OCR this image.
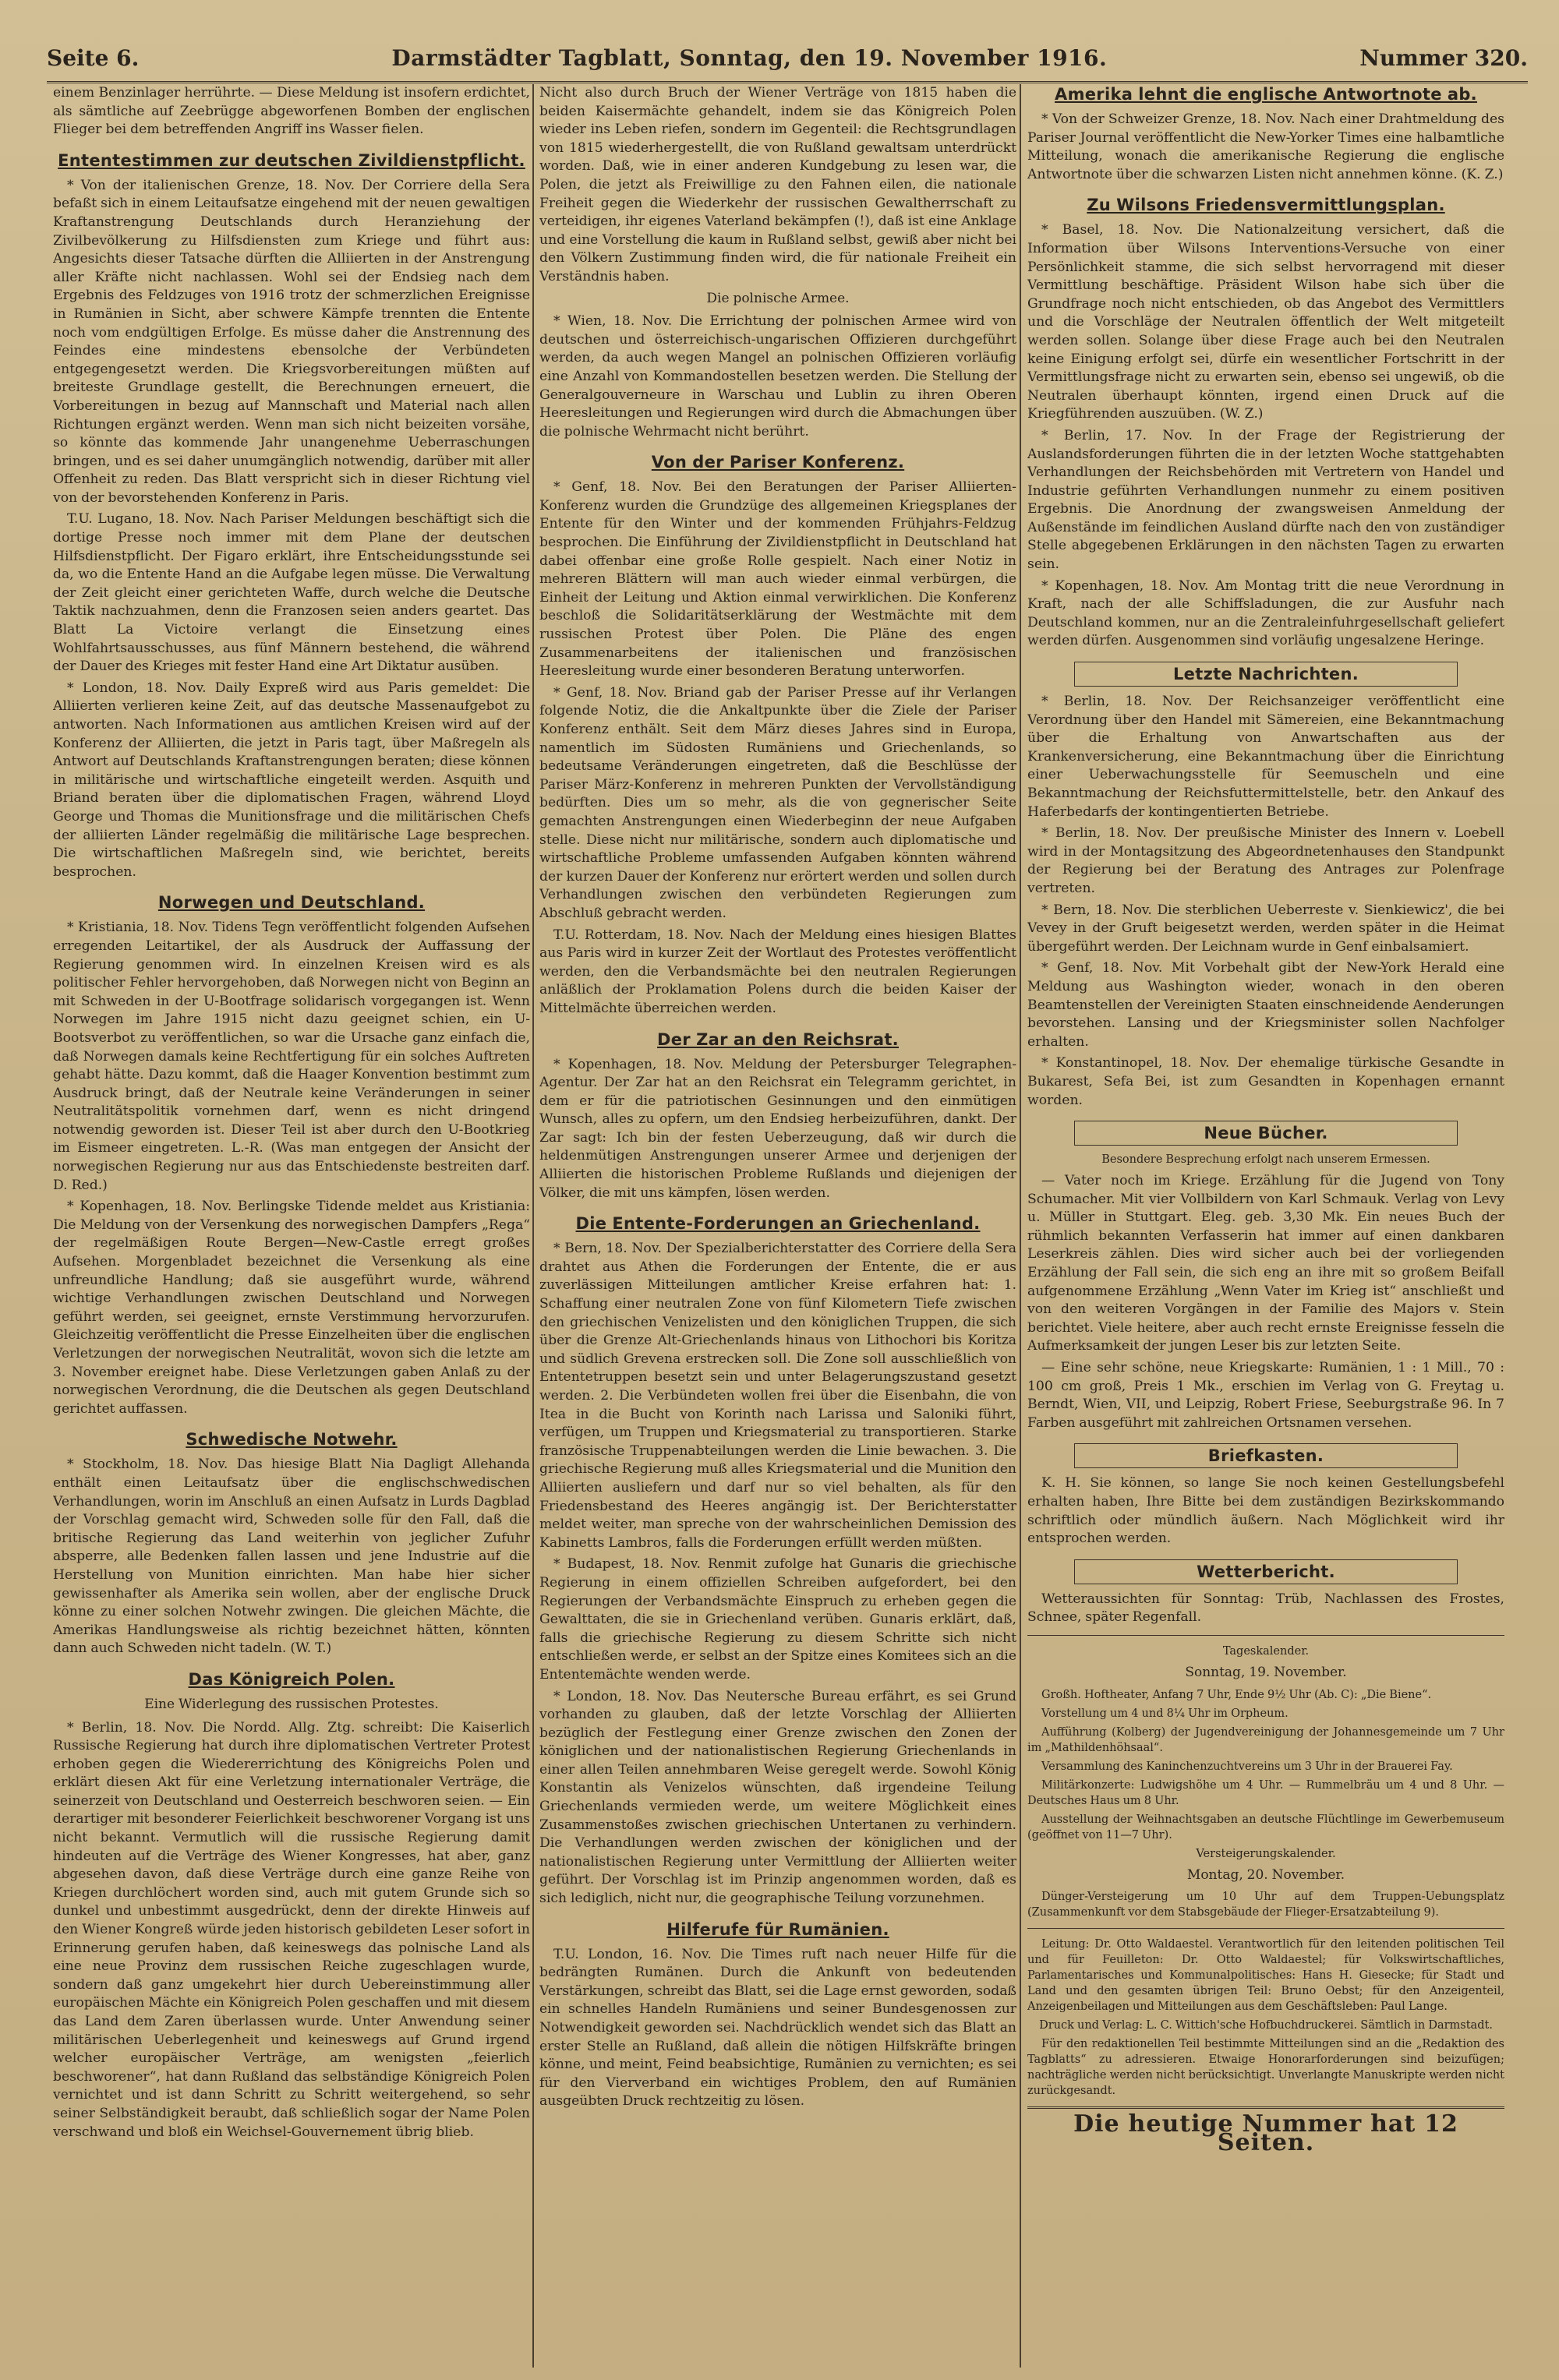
Seite 6.	Darmstädter Tagblatt, Sonntag, den 19. November 1916.	Nummer 320.

einem Benzinlager herrührte. — Diese Meldung ist insofern erdichtet, als sämtliche auf Zeebrügge abgeworfenen Bomben der englischen Flieger bei dem betreffenden Angriff ins Wasser fielen.

Ententestimmen zur deutschen Zivildienstpflicht.

* Von der italienischen Grenze, 18. Nov. Der Corriere della Sera befaßt sich in einem Leitaufsatze eingehend mit der neuen gewaltigen Kraftanstrengung Deutschlands durch Heranziehung der Zivilbevölkerung zu Hilfsdiensten zum Kriege und führt aus: Angesichts dieser Tatsache dürften die Alliierten in der Anstrengung aller Kräfte nicht nachlassen. Wohl sei der Endsieg nach dem Ergebnis des Feldzuges von 1916 trotz der schmerzlichen Ereignisse in Rumänien in Sicht, aber schwere Kämpfe trennten die Entente noch vom endgültigen Erfolge. Es müsse daher die Anstrennung des Feindes eine mindestens ebensolche der Verbündeten entgegengesetzt werden. Die Kriegsvorbereitungen müßten auf breiteste Grundlage gestellt, die Berechnungen erneuert, die Vorbereitungen in bezug auf Mannschaft und Material nach allen Richtungen ergänzt werden. Wenn man sich nicht beizeiten vorsähe, so könnte das kommende Jahr unangenehme Ueberraschungen bringen, und es sei daher unumgänglich notwendig, darüber mit aller Offenheit zu reden. Das Blatt verspricht sich in dieser Richtung viel von der bevorstehenden Konferenz in Paris.

T.U. Lugano, 18. Nov. Nach Pariser Meldungen beschäftigt sich die dortige Presse noch immer mit dem Plane der deutschen Hilfsdienstpflicht. Der Figaro erklärt, ihre Entscheidungsstunde sei da, wo die Entente Hand an die Aufgabe legen müsse. Die Verwaltung der Zeit gleicht einer gerichteten Waffe, durch welche die Deutsche Taktik nachzuahmen, denn die Franzosen seien anders geartet. Das Blatt La Victoire verlangt die Einsetzung eines Wohlfahrtsausschusses, aus fünf Männern bestehend, die während der Dauer des Krieges mit fester Hand eine Art Diktatur ausüben.

* London, 18. Nov. Daily Expreß wird aus Paris gemeldet: Die Alliierten verlieren keine Zeit, auf das deutsche Massenaufgebot zu antworten. Nach Informationen aus amtlichen Kreisen wird auf der Konferenz der Alliierten, die jetzt in Paris tagt, über Maßregeln als Antwort auf Deutschlands Kraftanstrengungen beraten; diese können in militärische und wirtschaftliche eingeteilt werden. Asquith und Briand beraten über die diplomatischen Fragen, während Lloyd George und Thomas die Munitionsfrage und die militärischen Chefs der alliierten Länder regelmäßig die militärische Lage besprechen. Die wirtschaftlichen Maßregeln sind, wie berichtet, bereits besprochen.

Norwegen und Deutschland.

* Kristiania, 18. Nov. Tidens Tegn veröffentlicht folgenden Aufsehen erregenden Leitartikel, der als Ausdruck der Auffassung der Regierung genommen wird. In einzelnen Kreisen wird es als politischer Fehler hervorgehoben, daß Norwegen nicht von Beginn an mit Schweden in der U-Bootfrage solidarisch vorgegangen ist. Wenn Norwegen im Jahre 1915 nicht dazu geeignet schien, ein U-Bootsverbot zu veröffentlichen, so war die Ursache ganz einfach die, daß Norwegen damals keine Rechtfertigung für ein solches Auftreten gehabt hätte. Dazu kommt, daß die Haager Konvention bestimmt zum Ausdruck bringt, daß der Neutrale keine Veränderungen in seiner Neutralitätspolitik vornehmen darf, wenn es nicht dringend notwendig geworden ist. Dieser Teil ist aber durch den U-Bootkrieg im Eismeer eingetreten. L.-R. (Was man entgegen der Ansicht der norwegischen Regierung nur aus das Entschiedenste bestreiten darf. D. Red.)

* Kopenhagen, 18. Nov. Berlingske Tidende meldet aus Kristiania: Die Meldung von der Versenkung des norwegischen Dampfers „Rega“ der regelmäßigen Route Bergen—New-Castle erregt großes Aufsehen. Morgenbladet bezeichnet die Versenkung als eine unfreundliche Handlung; daß sie ausgeführt wurde, während wichtige Verhandlungen zwischen Deutschland und Norwegen geführt werden, sei geeignet, ernste Verstimmung hervorzurufen. Gleichzeitig veröffentlicht die Presse Einzelheiten über die englischen Verletzungen der norwegischen Neutralität, wovon sich die letzte am 3. November ereignet habe. Diese Verletzungen gaben Anlaß zu der norwegischen Verordnung, die die Deutschen als gegen Deutschland gerichtet auffassen.

Schwedische Notwehr.

* Stockholm, 18. Nov. Das hiesige Blatt Nia Dagligt Allehanda enthält einen Leitaufsatz über die englischschwedischen Verhandlungen, worin im Anschluß an einen Aufsatz in Lurds Dagblad der Vorschlag gemacht wird, Schweden solle für den Fall, daß die britische Regierung das Land weiterhin von jeglicher Zufuhr absperre, alle Bedenken fallen lassen und jene Industrie auf die Herstellung von Munition einrichten. Man habe hier sicher gewissenhafter als Amerika sein wollen, aber der englische Druck könne zu einer solchen Notwehr zwingen. Die gleichen Mächte, die Amerikas Handlungsweise als richtig bezeichnet hätten, könnten dann auch Schweden nicht tadeln. (W. T.)

Das Königreich Polen.
Eine Widerlegung des russischen Protestes.

* Berlin, 18. Nov. Die Nordd. Allg. Ztg. schreibt: Die Kaiserlich Russische Regierung hat durch ihre diplomatischen Vertreter Protest erhoben gegen die Wiedererrichtung des Königreichs Polen und erklärt diesen Akt für eine Verletzung internationaler Verträge, die seinerzeit von Deutschland und Oesterreich beschworen seien. — Ein derartiger mit besonderer Feierlichkeit beschworener Vorgang ist uns nicht bekannt. Vermutlich will die russische Regierung damit hindeuten auf die Verträge des Wiener Kongresses, hat aber, ganz abgesehen davon, daß diese Verträge durch eine ganze Reihe von Kriegen durchlöchert worden sind, auch mit gutem Grunde sich so dunkel und unbestimmt ausgedrückt, denn der direkte Hinweis auf den Wiener Kongreß würde jeden historisch gebildeten Leser sofort in Erinnerung gerufen haben, daß keineswegs das polnische Land als eine neue Provinz dem russischen Reiche zugeschlagen wurde, sondern daß ganz umgekehrt hier durch Uebereinstimmung aller europäischen Mächte ein Königreich Polen geschaffen und mit diesem das Land dem Zaren überlassen wurde. Unter Anwendung seiner militärischen Ueberlegenheit und keineswegs auf Grund irgend welcher europäischer Verträge, am wenigsten „feierlich beschworener“, hat dann Rußland das selbständige Königreich Polen vernichtet und ist dann Schritt zu Schritt weitergehend, so sehr seiner Selbständigkeit beraubt, daß schließlich sogar der Name Polen verschwand und bloß ein Weichsel-Gouvernement übrig blieb.

Nicht also durch Bruch der Wiener Verträge von 1815 haben die beiden Kaisermächte gehandelt, indem sie das Königreich Polen wieder ins Leben riefen, sondern im Gegenteil: die Rechtsgrundlagen von 1815 wiederhergestellt, die von Rußland gewaltsam unterdrückt worden. Daß, wie in einer anderen Kundgebung zu lesen war, die Polen, die jetzt als Freiwillige zu den Fahnen eilen, die nationale Freiheit gegen die Wiederkehr der russischen Gewaltherrschaft zu verteidigen, ihr eigenes Vaterland bekämpfen (!), daß ist eine Anklage und eine Vorstellung die kaum in Rußland selbst, gewiß aber nicht bei den Völkern Zustimmung finden wird, die für nationale Freiheit ein Verständnis haben.

Die polnische Armee.

* Wien, 18. Nov. Die Errichtung der polnischen Armee wird von deutschen und österreichisch-ungarischen Offizieren durchgeführt werden, da auch wegen Mangel an polnischen Offizieren vorläufig eine Anzahl von Kommandostellen besetzen werden. Die Stellung der Generalgouverneure in Warschau und Lublin zu ihren Oberen Heeresleitungen und Regierungen wird durch die Abmachungen über die polnische Wehrmacht nicht berührt.

Von der Pariser Konferenz.

* Genf, 18. Nov. Bei den Beratungen der Pariser Alliierten-Konferenz wurden die Grundzüge des allgemeinen Kriegsplanes der Entente für den Winter und der kommenden Frühjahrs-Feldzug besprochen. Die Einführung der Zivildienstpflicht in Deutschland hat dabei offenbar eine große Rolle gespielt. Nach einer Notiz in mehreren Blättern will man auch wieder einmal verbürgen, die Einheit der Leitung und Aktion einmal verwirklichen. Die Konferenz beschloß die Solidaritätserklärung der Westmächte mit dem russischen Protest über Polen. Die Pläne des engen Zusammenarbeitens der italienischen und französischen Heeresleitung wurde einer besonderen Beratung unterworfen.

* Genf, 18. Nov. Briand gab der Pariser Presse auf ihr Verlangen folgende Notiz, die die Ankaltpunkte über die Ziele der Pariser Konferenz enthält. Seit dem März dieses Jahres sind in Europa, namentlich im Südosten Rumäniens und Griechenlands, so bedeutsame Veränderungen eingetreten, daß die Beschlüsse der Pariser März-Konferenz in mehreren Punkten der Vervollständigung bedürften. Dies um so mehr, als die von gegnerischer Seite gemachten Anstrengungen einen Wiederbeginn der neue Aufgaben stelle. Diese nicht nur militärische, sondern auch diplomatische und wirtschaftliche Probleme umfassenden Aufgaben könnten während der kurzen Dauer der Konferenz nur erörtert werden und sollen durch Verhandlungen zwischen den verbündeten Regierungen zum Abschluß gebracht werden.

T.U. Rotterdam, 18. Nov. Nach der Meldung eines hiesigen Blattes aus Paris wird in kurzer Zeit der Wortlaut des Protestes veröffentlicht werden, den die Verbandsmächte bei den neutralen Regierungen anläßlich der Proklamation Polens durch die beiden Kaiser der Mittelmächte überreichen werden.

Der Zar an den Reichsrat.

* Kopenhagen, 18. Nov. Meldung der Petersburger Telegraphen-Agentur. Der Zar hat an den Reichsrat ein Telegramm gerichtet, in dem er für die patriotischen Gesinnungen und den einmütigen Wunsch, alles zu opfern, um den Endsieg herbeizuführen, dankt. Der Zar sagt: Ich bin der festen Ueberzeugung, daß wir durch die heldenmütigen Anstrengungen unserer Armee und derjenigen der Alliierten die historischen Probleme Rußlands und diejenigen der Völker, die mit uns kämpfen, lösen werden.

Die Entente-Forderungen an Griechenland.

* Bern, 18. Nov. Der Spezialberichterstatter des Corriere della Sera drahtet aus Athen die Forderungen der Entente, die er aus zuverlässigen Mitteilungen amtlicher Kreise erfahren hat: 1. Schaffung einer neutralen Zone von fünf Kilometern Tiefe zwischen den griechischen Venizelisten und den königlichen Truppen, die sich über die Grenze Alt-Griechenlands hinaus von Lithochori bis Koritza und südlich Grevena erstrecken soll. Die Zone soll ausschließlich von Ententetruppen besetzt sein und unter Belagerungszustand gesetzt werden. 2. Die Verbündeten wollen frei über die Eisenbahn, die von Itea in die Bucht von Korinth nach Larissa und Saloniki führt, verfügen, um Truppen und Kriegsmaterial zu transportieren. Starke französische Truppenabteilungen werden die Linie bewachen. 3. Die griechische Regierung muß alles Kriegsmaterial und die Munition den Alliierten ausliefern und darf nur so viel behalten, als für den Friedensbestand des Heeres angängig ist. Der Berichterstatter meldet weiter, man spreche von der wahrscheinlichen Demission des Kabinetts Lambros, falls die Forderungen erfüllt werden müßten.

* Budapest, 18. Nov. Renmit zufolge hat Gunaris die griechische Regierung in einem offiziellen Schreiben aufgefordert, bei den Regierungen der Verbandsmächte Einspruch zu erheben gegen die Gewalttaten, die sie in Griechenland verüben. Gunaris erklärt, daß, falls die griechische Regierung zu diesem Schritte sich nicht entschließen werde, er selbst an der Spitze eines Komitees sich an die Ententemächte wenden werde.

* London, 18. Nov. Das Neutersche Bureau erfährt, es sei Grund vorhanden zu glauben, daß der letzte Vorschlag der Alliierten bezüglich der Festlegung einer Grenze zwischen den Zonen der königlichen und der nationalistischen Regierung Griechenlands in einer allen Teilen annehmbaren Weise geregelt werde. Sowohl König Konstantin als Venizelos wünschten, daß irgendeine Teilung Griechenlands vermieden werde, um weitere Möglichkeit eines Zusammenstoßes zwischen griechischen Untertanen zu verhindern. Die Verhandlungen werden zwischen der königlichen und der nationalistischen Regierung unter Vermittlung der Alliierten weiter geführt. Der Vorschlag ist im Prinzip angenommen worden, daß es sich lediglich, nicht nur, die geographische Teilung vorzunehmen.

Hilferufe für Rumänien.

T.U. London, 16. Nov. Die Times ruft nach neuer Hilfe für die bedrängten Rumänen. Durch die Ankunft von bedeutenden Verstärkungen, schreibt das Blatt, sei die Lage ernst geworden, sodaß ein schnelles Handeln Rumäniens und seiner Bundesgenossen zur Notwendigkeit geworden sei. Nachdrücklich wendet sich das Blatt an erster Stelle an Rußland, daß allein die nötigen Hilfskräfte bringen könne, und meint, Feind beabsichtige, Rumänien zu vernichten; es sei für den Vierverband ein wichtiges Problem, den auf Rumänien ausgeübten Druck rechtzeitig zu lösen.

Amerika lehnt die englische Antwortnote ab.

* Von der Schweizer Grenze, 18. Nov. Nach einer Drahtmeldung des Pariser Journal veröffentlicht die New-Yorker Times eine halbamtliche Mitteilung, wonach die amerikanische Regierung die englische Antwortnote über die schwarzen Listen nicht annehmen könne. (K. Z.)

Zu Wilsons Friedensvermittlungsplan.

* Basel, 18. Nov. Die Nationalzeitung versichert, daß die Information über Wilsons Interventions-Versuche von einer Persönlichkeit stamme, die sich selbst hervorragend mit dieser Vermittlung beschäftige. Präsident Wilson habe sich über die Grundfrage noch nicht entschieden, ob das Angebot des Vermittlers und die Vorschläge der Neutralen öffentlich der Welt mitgeteilt werden sollen. Solange über diese Frage auch bei den Neutralen keine Einigung erfolgt sei, dürfe ein wesentlicher Fortschritt in der Vermittlungsfrage nicht zu erwarten sein, ebenso sei ungewiß, ob die Neutralen überhaupt könnten, irgend einen Druck auf die Kriegführenden auszuüben. (W. Z.)

* Berlin, 17. Nov. In der Frage der Registrierung der Auslandsforderungen führten die in der letzten Woche stattgehabten Verhandlungen der Reichsbehörden mit Vertretern von Handel und Industrie geführten Verhandlungen nunmehr zu einem positiven Ergebnis. Die Anordnung der zwangsweisen Anmeldung der Außenstände im feindlichen Ausland dürfte nach den von zuständiger Stelle abgegebenen Erklärungen in den nächsten Tagen zu erwarten sein.

* Kopenhagen, 18. Nov. Am Montag tritt die neue Verordnung in Kraft, nach der alle Schiffsladungen, die zur Ausfuhr nach Deutschland kommen, nur an die Zentraleinfuhrgesellschaft geliefert werden dürfen. Ausgenommen sind vorläufig ungesalzene Heringe.

Letzte Nachrichten.

* Berlin, 18. Nov. Der Reichsanzeiger veröffentlicht eine Verordnung über den Handel mit Sämereien, eine Bekanntmachung über die Erhaltung von Anwartschaften aus der Krankenversicherung, eine Bekanntmachung über die Einrichtung einer Ueberwachungsstelle für Seemuscheln und eine Bekanntmachung der Reichsfuttermittelstelle, betr. den Ankauf des Haferbedarfs der kontingentierten Betriebe.

* Berlin, 18. Nov. Der preußische Minister des Innern v. Loebell wird in der Montagsitzung des Abgeordnetenhauses den Standpunkt der Regierung bei der Beratung des Antrages zur Polenfrage vertreten.

* Bern, 18. Nov. Die sterblichen Ueberreste v. Sienkiewicz', die bei Vevey in der Gruft beigesetzt werden, werden später in die Heimat übergeführt werden. Der Leichnam wurde in Genf einbalsamiert.

* Genf, 18. Nov. Mit Vorbehalt gibt der New-York Herald eine Meldung aus Washington wieder, wonach in den oberen Beamtenstellen der Vereinigten Staaten einschneidende Aenderungen bevorstehen. Lansing und der Kriegsminister sollen Nachfolger erhalten.

* Konstantinopel, 18. Nov. Der ehemalige türkische Gesandte in Bukarest, Sefa Bei, ist zum Gesandten in Kopenhagen ernannt worden.

Neue Bücher.
Besondere Besprechung erfolgt nach unserem Ermessen.

— Vater noch im Kriege. Erzählung für die Jugend von Tony Schumacher. Mit vier Vollbildern von Karl Schmauk. Verlag von Levy u. Müller in Stuttgart. Eleg. geb. 3,30 Mk. Ein neues Buch der rühmlich bekannten Verfasserin hat immer auf einen dankbaren Leserkreis zählen. Dies wird sicher auch bei der vorliegenden Erzählung der Fall sein, die sich eng an ihre mit so großem Beifall aufgenommene Erzählung „Wenn Vater im Krieg ist“ anschließt und von den weiteren Vorgängen in der Familie des Majors v. Stein berichtet. Viele heitere, aber auch recht ernste Ereignisse fesseln die Aufmerksamkeit der jungen Leser bis zur letzten Seite.

— Eine sehr schöne, neue Kriegskarte: Rumänien, 1 : 1 Mill., 70 : 100 cm groß, Preis 1 Mk., erschien im Verlag von G. Freytag u. Berndt, Wien, VII, und Leipzig, Robert Friese, Seeburgstraße 96. In 7 Farben ausgeführt mit zahlreichen Ortsnamen versehen.

Briefkasten.

K. H. Sie können, so lange Sie noch keinen Gestellungsbefehl erhalten haben, Ihre Bitte bei dem zuständigen Bezirkskommando schriftlich oder mündlich äußern. Nach Möglichkeit wird ihr entsprochen werden.

Wetterbericht.

Wetteraussichten für Sonntag: Trüb, Nachlassen des Frostes, Schnee, später Regenfall.

Tageskalender.
Sonntag, 19. November.

Großh. Hoftheater, Anfang 7 Uhr, Ende 9½ Uhr (Ab. C): „Die Biene“.

Vorstellung um 4 und 8¼ Uhr im Orpheum.

Aufführung (Kolberg) der Jugendvereinigung der Johannesgemeinde um 7 Uhr im „Mathildenhöhsaal“.

Versammlung des Kaninchenzuchtvereins um 3 Uhr in der Brauerei Fay.

Militärkonzerte: Ludwigshöhe um 4 Uhr. — Rummelbräu um 4 und 8 Uhr. — Deutsches Haus um 8 Uhr.

Ausstellung der Weihnachtsgaben an deutsche Flüchtlinge im Gewerbemuseum (geöffnet von 11—7 Uhr).

Versteigerungskalender.
Montag, 20. November.

Dünger-Versteigerung um 10 Uhr auf dem Truppen-Uebungsplatz (Zusammenkunft vor dem Stabsgebäude der Flieger-Ersatzabteilung 9).

Leitung: Dr. Otto Waldaestel. Verantwortlich für den leitenden politischen Teil und für Feuilleton: Dr. Otto Waldaestel; für Volkswirtschaftliches, Parlamentarisches und Kommunalpolitisches: Hans H. Giesecke; für Stadt und Land und den gesamten übrigen Teil: Bruno Oebst; für den Anzeigenteil, Anzeigenbeilagen und Mitteilungen aus dem Geschäftsleben: Paul Lange.

Druck und Verlag: L. C. Wittich'sche Hofbuchdruckerei. Sämtlich in Darmstadt.

Für den redaktionellen Teil bestimmte Mitteilungen sind an die „Redaktion des Tagblatts“ zu adressieren. Etwaige Honorarforderungen sind beizufügen; nachträgliche werden nicht berücksichtigt. Unverlangte Manuskripte werden nicht zurückgesandt.

Die heutige Nummer hat 12 Seiten.
